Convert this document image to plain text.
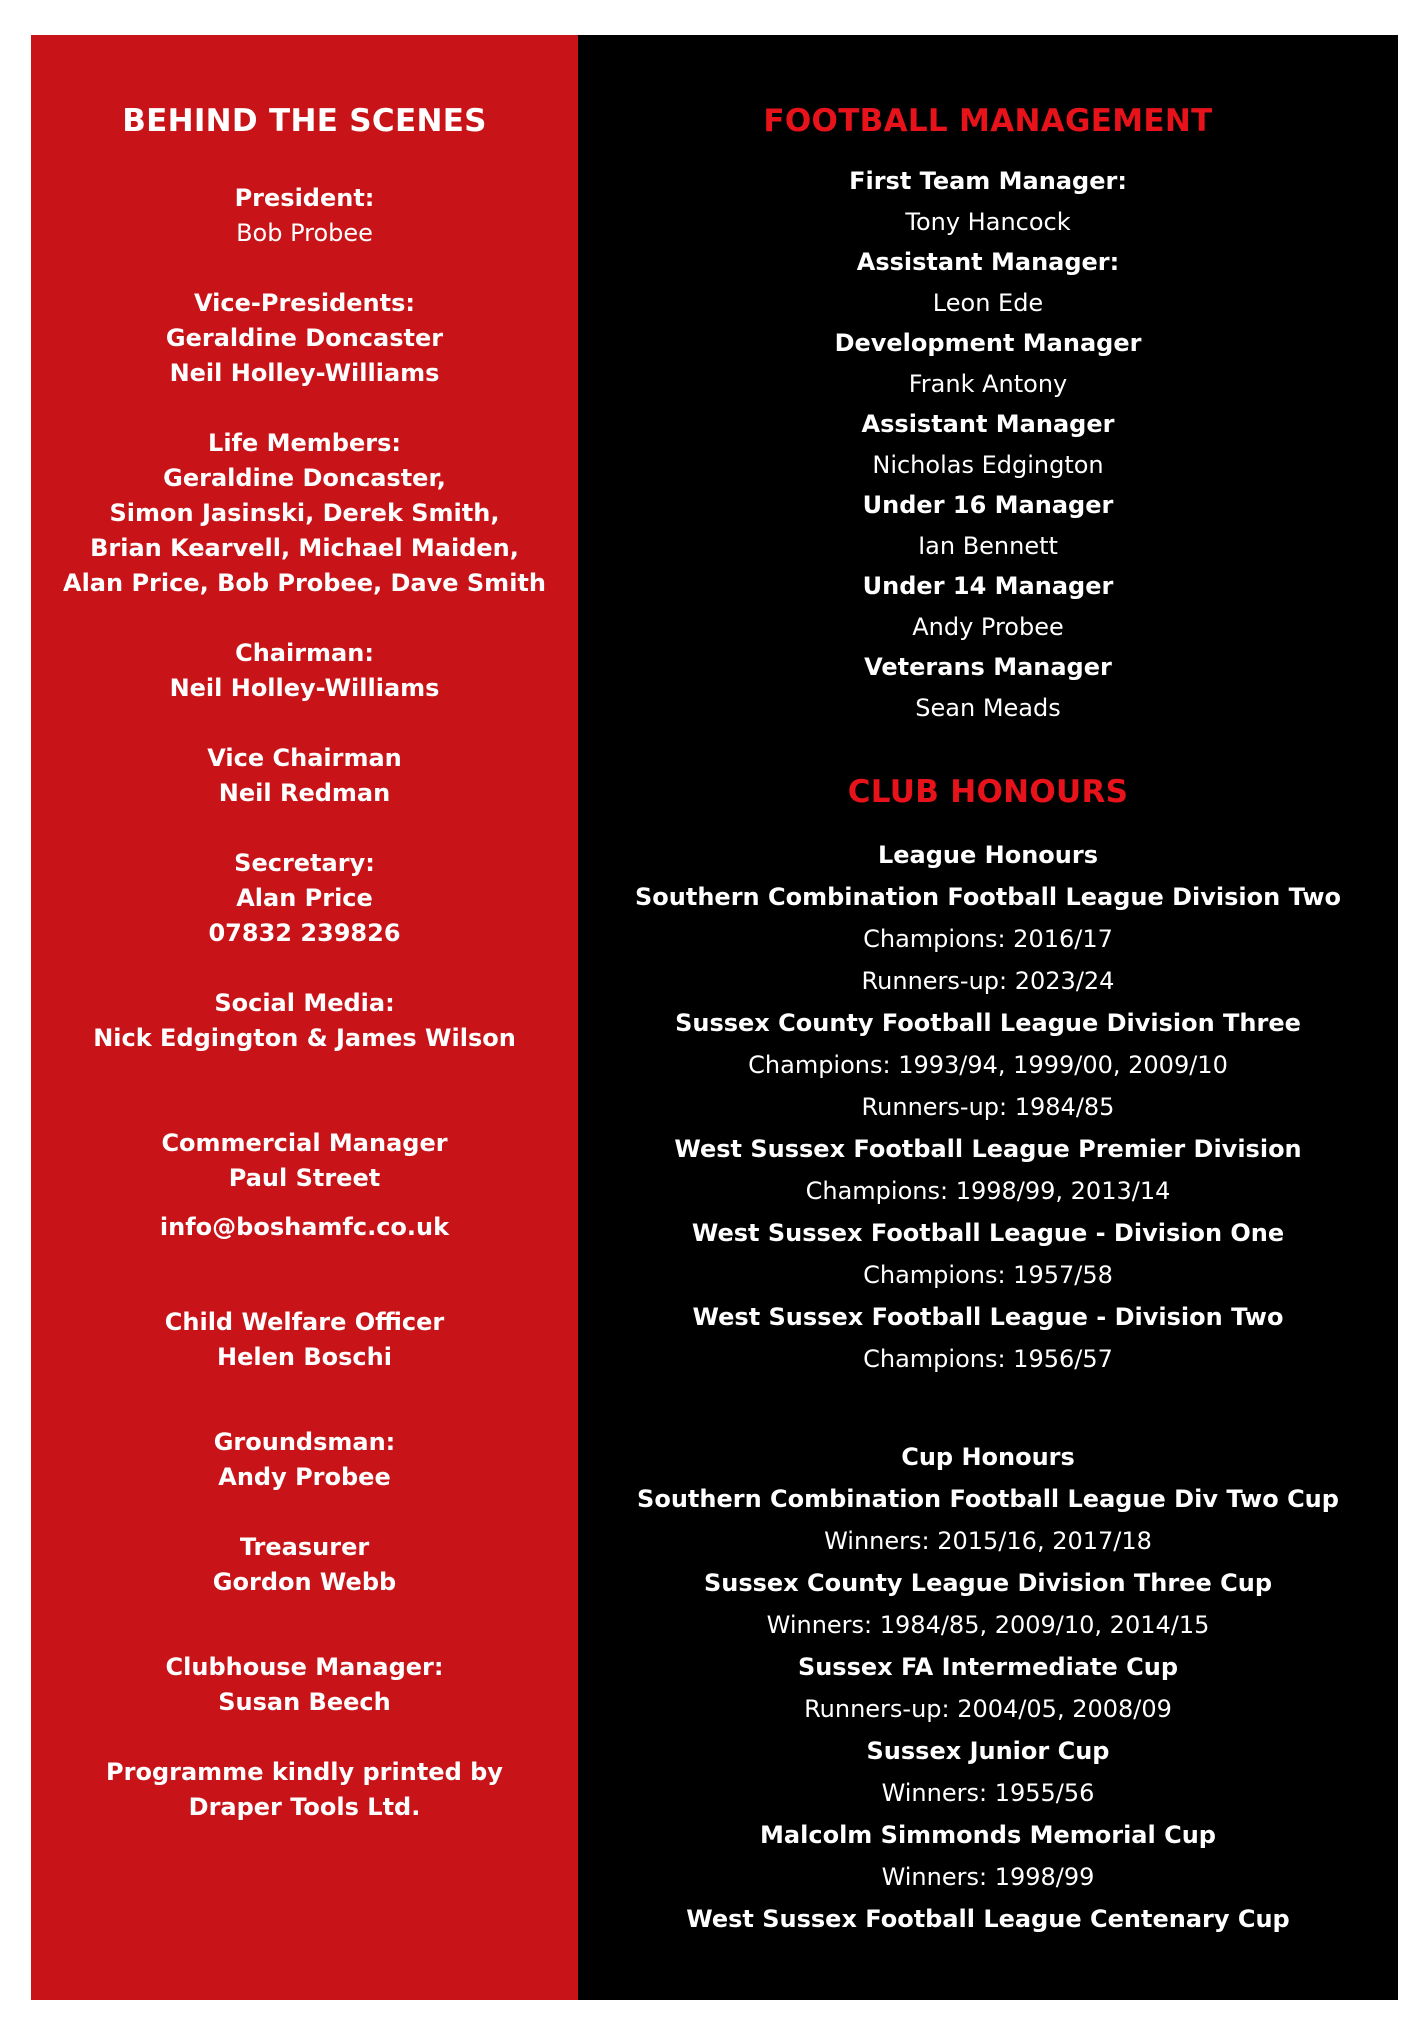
BEHIND THE SCENES
President:
Bob Probee
Vice-Presidents:
Geraldine Doncaster
Neil Holley-Williams
Life Members:
Geraldine Doncaster,
Simon Jasinski, Derek Smith,
Brian Kearvell, Michael Maiden,
Alan Price, Bob Probee, Dave Smith
Chairman:
Neil Holley-Williams
Vice Chairman
Neil Redman
Secretary:
Alan Price
07832 239826
Social Media:
Nick Edgington & James Wilson
Commercial Manager
Paul Street
info@boshamfc.co.uk
Child Welfare Officer
Helen Boschi
Groundsman:
Andy Probee
Treasurer
Gordon Webb
Clubhouse Manager:
Susan Beech
Programme kindly printed by
Draper Tools Ltd.
FOOTBALL MANAGEMENT
First Team Manager:
Tony Hancock
Assistant Manager:
Leon Ede
Development Manager
Frank Antony
Assistant Manager
Nicholas Edgington
Under 16 Manager
Ian Bennett
Under 14 Manager
Andy Probee
Veterans Manager
Sean Meads
CLUB HONOURS
League Honours
Southern Combination Football League Division Two
Champions: 2016/17
Runners-up: 2023/24
Sussex County Football League Division Three
Champions: 1993/94, 1999/00, 2009/10
Runners-up: 1984/85
West Sussex Football League Premier Division
Champions: 1998/99, 2013/14
West Sussex Football League - Division One
Champions: 1957/58
West Sussex Football League - Division Two
Champions: 1956/57
Cup Honours
Southern Combination Football League Div Two Cup
Winners: 2015/16, 2017/18
Sussex County League Division Three Cup
Winners: 1984/85, 2009/10, 2014/15
Sussex FA Intermediate Cup
Runners-up: 2004/05, 2008/09
Sussex Junior Cup
Winners: 1955/56
Malcolm Simmonds Memorial Cup
Winners: 1998/99
West Sussex Football League Centenary Cup
